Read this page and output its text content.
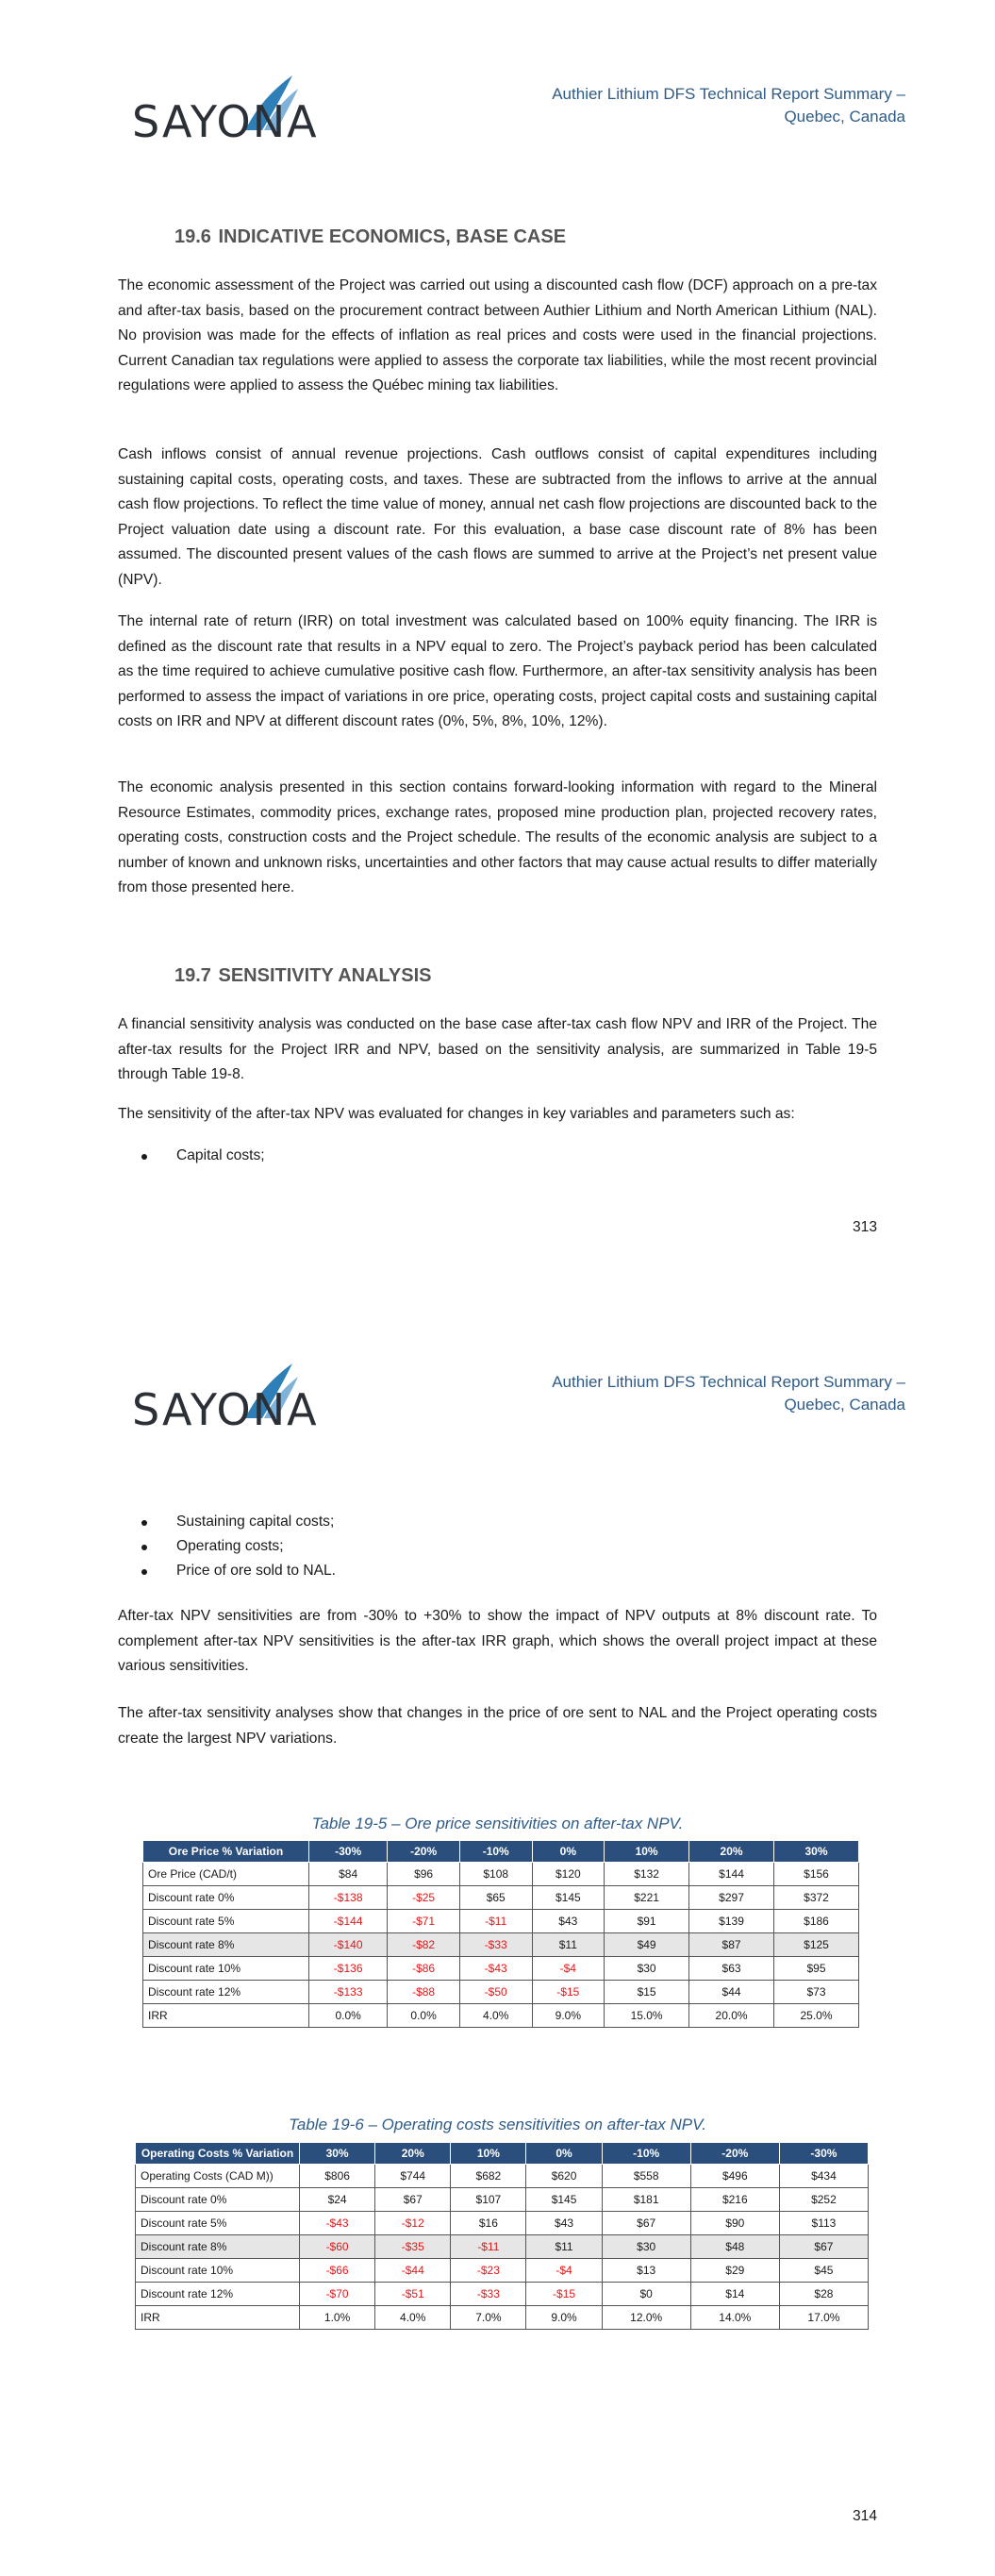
SAYONA
Authier Lithium DFS Technical Report Summary –
Quebec, Canada
19.6 INDICATIVE ECONOMICS, BASE CASE

The economic assessment of the Project was carried out using a discounted cash flow (DCF) approach on a pre-tax and after-tax basis, based on the procurement contract between Authier Lithium and North American Lithium (NAL). No provision was made for the effects of inflation as real prices and costs were used in the financial projections. Current Canadian tax regulations were applied to assess the corporate tax liabilities, while the most recent provincial regulations were applied to assess the Québec mining tax liabilities.

Cash inflows consist of annual revenue projections. Cash outflows consist of capital expenditures including sustaining capital costs, operating costs, and taxes. These are subtracted from the inflows to arrive at the annual cash flow projections. To reflect the time value of money, annual net cash flow projections are discounted back to the Project valuation date using a discount rate. For this evaluation, a base case discount rate of 8% has been assumed. The discounted present values of the cash flows are summed to arrive at the Project’s net present value (NPV).

The internal rate of return (IRR) on total investment was calculated based on 100% equity financing. The IRR is defined as the discount rate that results in a NPV equal to zero. The Project’s payback period has been calculated as the time required to achieve cumulative positive cash flow. Furthermore, an after-tax sensitivity analysis has been performed to assess the impact of variations in ore price, operating costs, project capital costs and sustaining capital costs on IRR and NPV at different discount rates (0%, 5%, 8%, 10%, 12%).

The economic analysis presented in this section contains forward-looking information with regard to the Mineral Resource Estimates, commodity prices, exchange rates, proposed mine production plan, projected recovery rates, operating costs, construction costs and the Project schedule. The results of the economic analysis are subject to a number of known and unknown risks, uncertainties and other factors that may cause actual results to differ materially from those presented here.

19.7 SENSITIVITY ANALYSIS

A financial sensitivity analysis was conducted on the base case after-tax cash flow NPV and IRR of the Project. The after-tax results for the Project IRR and NPV, based on the sensitivity analysis, are summarized in Table 19-5 through Table 19-8.

The sensitivity of the after-tax NPV was evaluated for changes in key variables and parameters such as:

Capital costs;
313
SAYONA
Authier Lithium DFS Technical Report Summary –
Quebec, Canada
Sustaining capital costs;
Operating costs;
Price of ore sold to NAL.

After-tax NPV sensitivities are from -30% to +30% to show the impact of NPV outputs at 8% discount rate. To complement after-tax NPV sensitivities is the after-tax IRR graph, which shows the overall project impact at these various sensitivities.

The after-tax sensitivity analyses show that changes in the price of ore sent to NAL and the Project operating costs create the largest NPV variations.

Table 19-5 – Ore price sensitivities on after-tax NPV.
Ore Price % Variation	-30%	-20%	-10%	0%	10%	20%	30%
Ore Price (CAD/t)	$84	$96	$108	$120	$132	$144	$156
Discount rate 0%	-$138	-$25	$65	$145	$221	$297	$372
Discount rate 5%	-$144	-$71	-$11	$43	$91	$139	$186
Discount rate 8%	-$140	-$82	-$33	$11	$49	$87	$125
Discount rate 10%	-$136	-$86	-$43	-$4	$30	$63	$95
Discount rate 12%	-$133	-$88	-$50	-$15	$15	$44	$73
IRR	0.0%	0.0%	4.0%	9.0%	15.0%	20.0%	25.0%
Table 19-6 – Operating costs sensitivities on after-tax NPV.
Operating Costs % Variation	30%	20%	10%	0%	-10%	-20%	-30%
Operating Costs (CAD M))	$806	$744	$682	$620	$558	$496	$434
Discount rate 0%	$24	$67	$107	$145	$181	$216	$252
Discount rate 5%	-$43	-$12	$16	$43	$67	$90	$113
Discount rate 8%	-$60	-$35	-$11	$11	$30	$48	$67
Discount rate 10%	-$66	-$44	-$23	-$4	$13	$29	$45
Discount rate 12%	-$70	-$51	-$33	-$15	$0	$14	$28
IRR	1.0%	4.0%	7.0%	9.0%	12.0%	14.0%	17.0%
314
